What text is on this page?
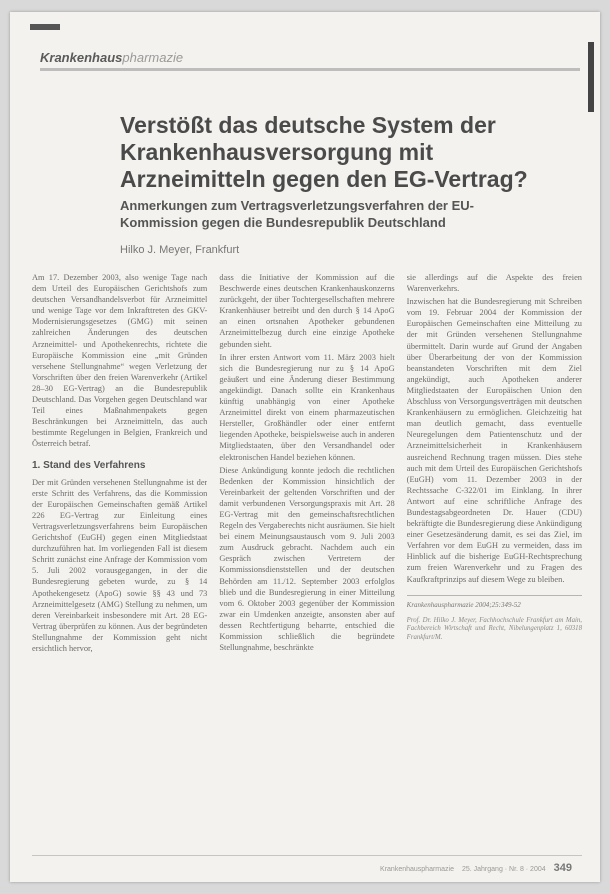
Krankenhauspharmazie
Verstößt das deutsche System der Krankenhausversorgung mit Arzneimitteln gegen den EG-Vertrag?
Anmerkungen zum Vertragsverletzungsverfahren der EU-Kommission gegen die Bundesrepublik Deutschland
Hilko J. Meyer, Frankfurt

Am 17. Dezember 2003, also wenige Tage nach dem Urteil des Europäischen Gerichtshofs zum deutschen Versandhandelsverbot für Arzneimittel und wenige Tage vor dem Inkrafttreten des GKV-Modernisierungsgesetzes (GMG) mit seinen zahlreichen Änderungen des deutschen Arzneimittel- und Apothekenrechts, richtete die Europäische Kommission eine „mit Gründen versehene Stellungnahme“ wegen Verletzung der Vorschriften über den freien Warenverkehr (Artikel 28–30 EG-Vertrag) an die Bundesrepublik Deutschland. Das Vorgehen gegen Deutschland war Teil eines Maßnahmenpakets gegen Beschränkungen bei Arzneimitteln, das auch bestimmte Regelungen in Belgien, Frankreich und Österreich betraf.

1. Stand des Verfahrens

Der mit Gründen versehenen Stellungnahme ist der erste Schritt des Verfahrens, das die Kommission der Europäischen Gemeinschaften gemäß Artikel 226 EG-Vertrag zur Einleitung eines Vertragsverletzungsverfahrens beim Europäischen Gerichtshof (EuGH) gegen einen Mitgliedstaat durchzuführen hat. Im vorliegenden Fall ist diesem Schritt zunächst eine Anfrage der Kommission vom 5. Juli 2002 vorausgegangen, in der die Bundesregierung gebeten wurde, zu § 14 Apothekengesetz (ApoG) sowie §§ 43 und 73 Arzneimittelgesetz (AMG) Stellung zu nehmen, um deren Vereinbarkeit insbesondere mit Art. 28 EG-Vertrag überprüfen zu können. Aus der begründeten Stellungnahme der Kommission geht nicht ersichtlich hervor,

dass die Initiative der Kommission auf die Beschwerde eines deutschen Krankenhauskonzerns zurückgeht, der über Tochtergesellschaften mehrere Krankenhäuser betreibt und den durch § 14 ApoG an einen ortsnahen Apotheker gebundenen Arzneimittelbezug durch eine einzige Apotheke gebunden sieht.

In ihrer ersten Antwort vom 11. März 2003 hielt sich die Bundesregierung nur zu § 14 ApoG geäußert und eine Änderung dieser Bestimmung angekündigt. Danach sollte ein Krankenhaus künftig unabhängig von einer Apotheke Arzneimittel direkt von einem pharmazeutischen Hersteller, Großhändler oder einer entfernt liegenden Apotheke, beispielsweise auch in anderen Mitgliedstaaten, über den Versandhandel oder elektronischen Handel beziehen können.

Diese Ankündigung konnte jedoch die rechtlichen Bedenken der Kommission hinsichtlich der Vereinbarkeit der geltenden Vorschriften und der damit verbundenen Versorgungspraxis mit Art. 28 EG-Vertrag mit den gemeinschaftsrechtlichen Regeln des Vergaberechts nicht ausräumen. Sie hielt bei einem Meinungsaustausch vom 9. Juli 2003 zum Ausdruck gebracht. Nachdem auch ein Gespräch zwischen Vertretern der Kommissionsdienststellen und der deutschen Behörden am 11./12. September 2003 erfolglos blieb und die Bundesregierung in einer Mitteilung vom 6. Oktober 2003 gegenüber der Kommission zwar ein Umdenken anzeigte, ansonsten aber auf dessen Rechtfertigung beharrte, entschied die Kommission schließlich die begründete Stellungnahme, beschränkte

sie allerdings auf die Aspekte des freien Warenverkehrs.

Inzwischen hat die Bundesregierung mit Schreiben vom 19. Februar 2004 der Kommission der Europäischen Gemeinschaften eine Mitteilung zu der mit Gründen versehenen Stellungnahme übermittelt. Darin wurde auf Grund der Angaben über Überarbeitung der von der Kommission beanstandeten Vorschriften mit dem Ziel angekündigt, auch Apotheken anderer Mitgliedstaaten der Europäischen Union den Abschluss von Versorgungsverträgen mit deutschen Krankenhäusern zu ermöglichen. Gleichzeitig hat man deutlich gemacht, dass eventuelle Neuregelungen dem Patientenschutz und der Arzneimittelsicherheit in Krankenhäusern ausreichend Rechnung tragen müssen. Dies stehe auch mit dem Urteil des Europäischen Gerichtshofs (EuGH) vom 11. Dezember 2003 in der Rechtssache C-322/01 im Einklang. In ihrer Antwort auf eine schriftliche Anfrage des Bundestagsabgeordneten Dr. Hauer (CDU) bekräftigte die Bundesregierung diese Ankündigung einer Gesetzesänderung damit, es sei das Ziel, im Verfahren vor dem EuGH zu vermeiden, dass im Hinblick auf die bisherige EuGH-Rechtsprechung zum freien Warenverkehr und zu Fragen des Kaufkraftprinzips auf diesem Wege zu bleiben.

Krankenhauspharmazie 2004;25:349-52
Prof. Dr. Hilko J. Meyer, Fachhochschule Frankfurt am Main, Fachbereich Wirtschaft und Recht, Nibelungenplatz 1, 60318 Frankfurt/M.
Krankenhauspharmazie 25. Jahrgang · Nr. 8 · 2004 349
